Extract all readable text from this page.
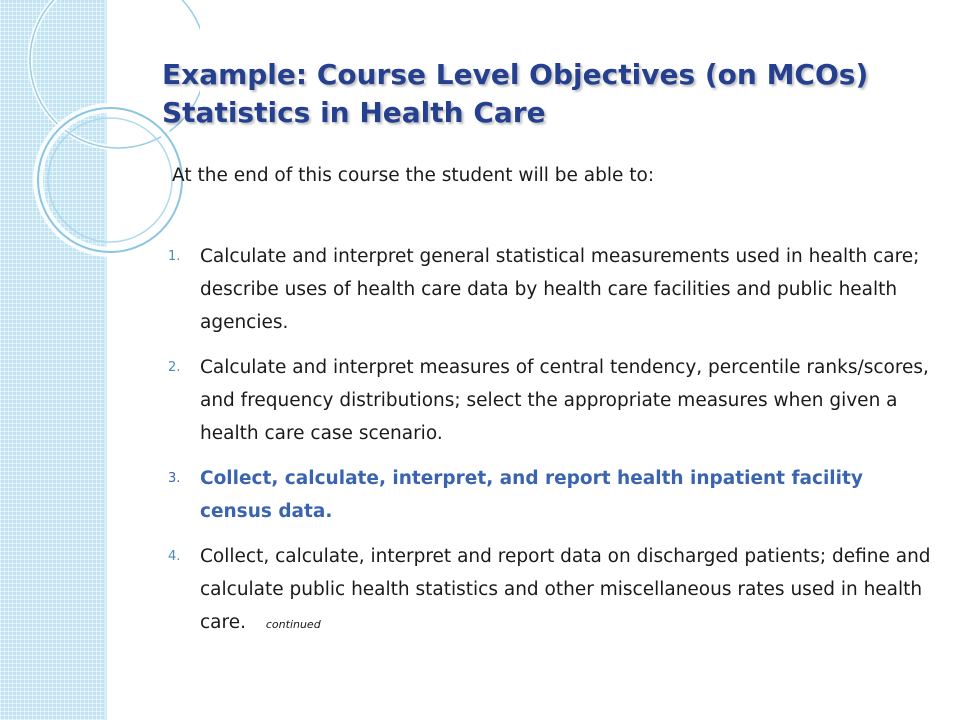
Example: Course Level Objectives (on MCOs) Statistics in Health Care

At the end of this course the student will be able to:

1. Calculate and interpret general statistical measurements used in health care; describe uses of health care data by health care facilities and public health agencies.
2. Calculate and interpret measures of central tendency, percentile ranks/scores, and frequency distributions; select the appropriate measures when given a health care case scenario.
3. Collect, calculate, interpret, and report health inpatient facility census data.
4. Collect, calculate, interpret and report data on discharged patients; define and calculate public health statistics and other miscellaneous rates used in health care. continued
